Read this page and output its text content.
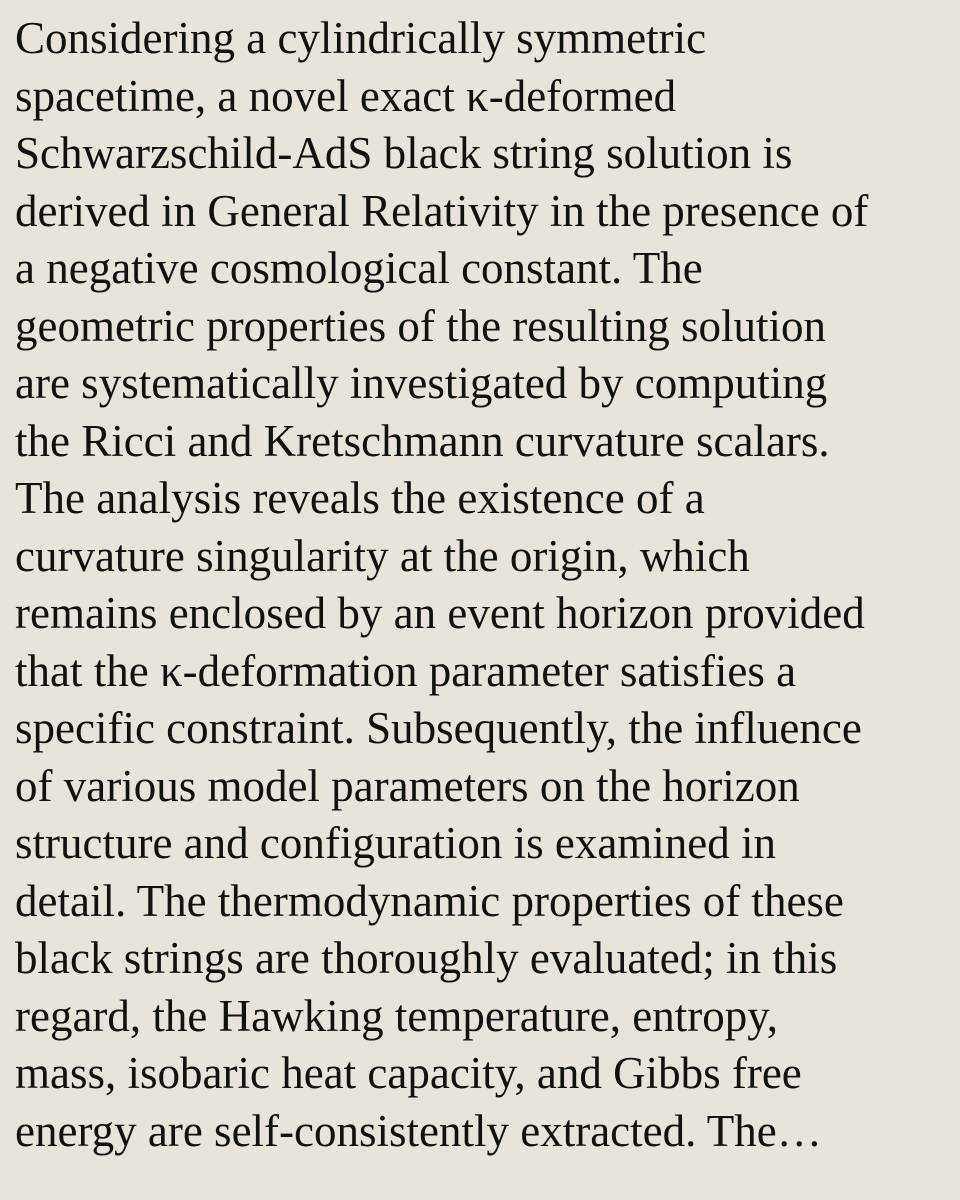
Considering a cylindrically symmetric
spacetime, a novel exact κ-deformed
Schwarzschild-AdS black string solution is
derived in General Relativity in the presence of
a negative cosmological constant. The
geometric properties of the resulting solution
are systematically investigated by computing
the Ricci and Kretschmann curvature scalars.
The analysis reveals the existence of a
curvature singularity at the origin, which
remains enclosed by an event horizon provided
that the κ-deformation parameter satisfies a
specific constraint. Subsequently, the influence
of various model parameters on the horizon
structure and configuration is examined in
detail. The thermodynamic properties of these
black strings are thoroughly evaluated; in this
regard, the Hawking temperature, entropy,
mass, isobaric heat capacity, and Gibbs free
energy are self-consistently extracted. The…
